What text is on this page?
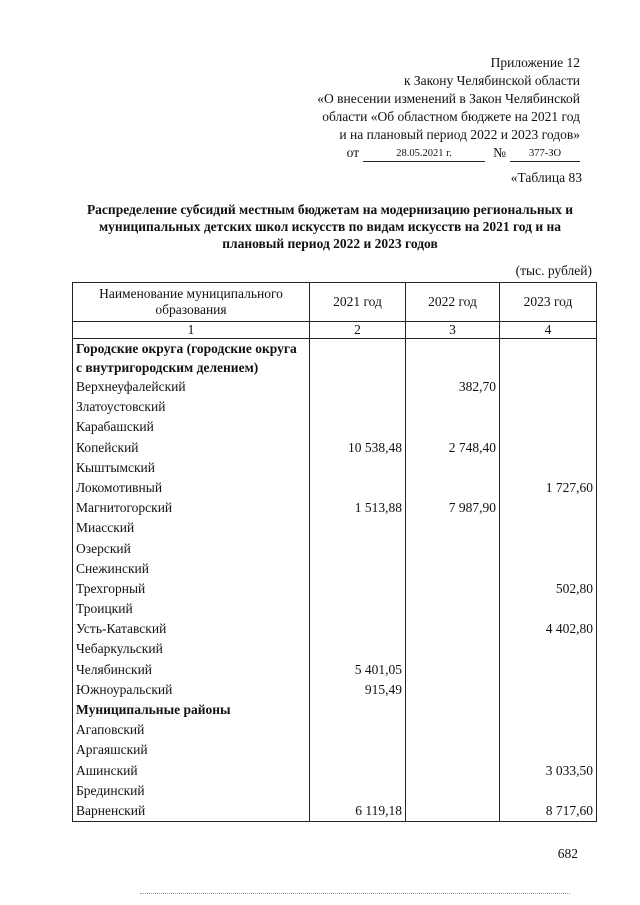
Приложение 12
к Закону Челябинской области
«О внесении изменений в Закон Челябинской
области «Об областном бюджете на 2021 год
и на плановый период 2022 и 2023 годов»
от	28.05.2021 г.	№	377-ЗО
«Таблица 83
Распределение субсидий местным бюджетам на модернизацию региональных и муниципальных детских школ искусств по видам искусств на 2021 год и на плановый период 2022 и 2023 годов
(тыс. рублей)
Наименование муниципального образования	2021 год	2022 год	2023 год
1	2	3	4
Городские округа (городские округа с внутригородским делением)			
Верхнеуфалейский		382,70	
Златоустовский			
Карабашский			
Копейский	10 538,48	2 748,40	
Кыштымский			
Локомотивный			1 727,60
Магнитогорский	1 513,88	7 987,90	
Миасский			
Озерский			
Снежинский			
Трехгорный			502,80
Троицкий			
Усть-Катавский			4 402,80
Чебаркульский			
Челябинский	5 401,05		
Южноуральский	915,49		
Муниципальные районы			
Агаповский			
Аргаяшский			
Ашинский			3 033,50
Брединский			
Варненский	6 119,18		8 717,60
682
